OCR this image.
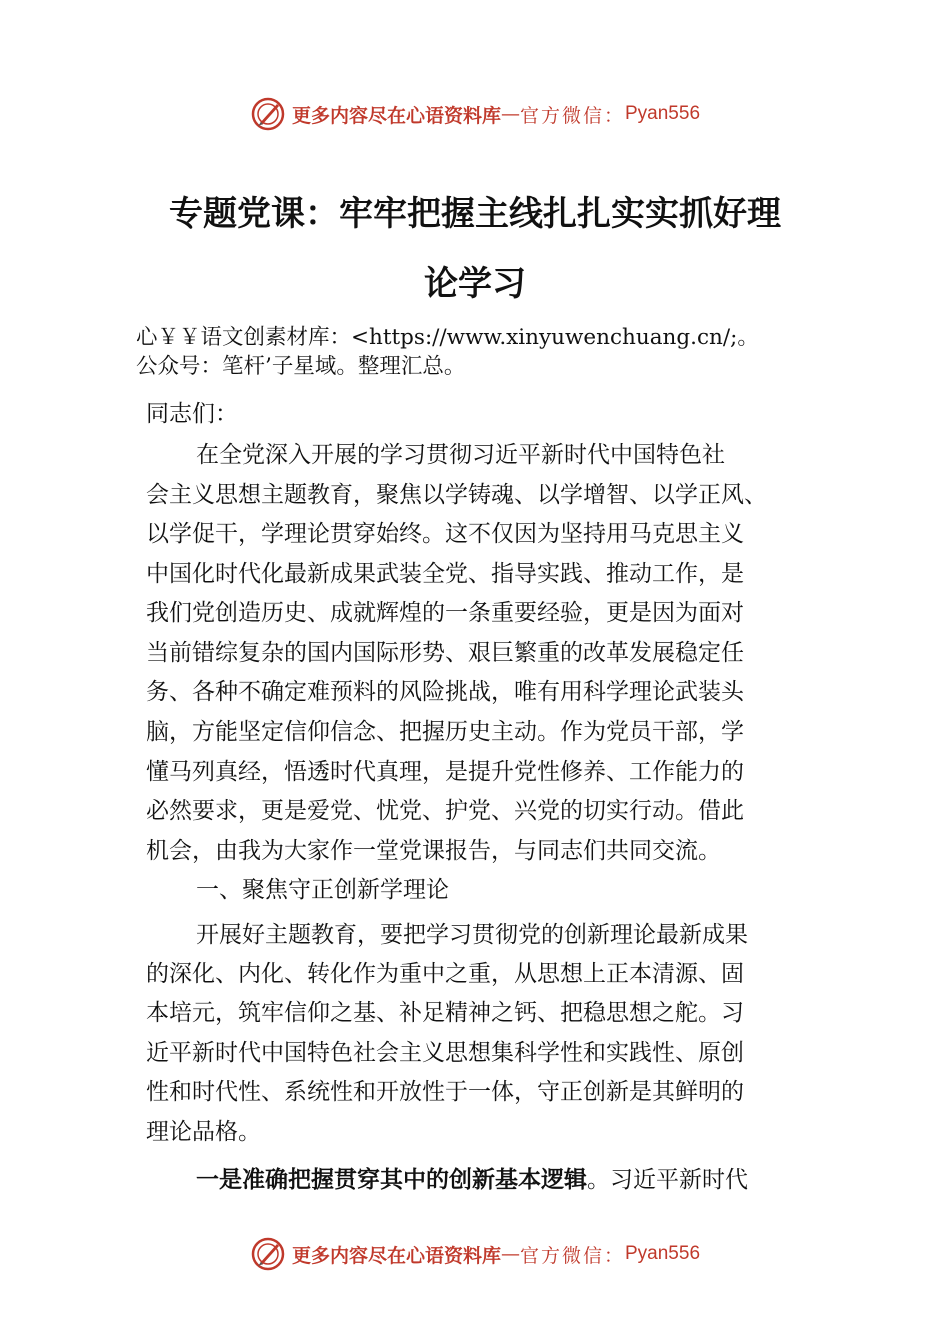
更多内容尽在心语资料库 — 官方微信： Pyan556
专题党课：牢牢把握主线扎扎实实抓好理
论学习
心￥￥语文创素材库：<https://www.xinyuwenchuang.cn/;。
公众号：笔杆’子星域。整理汇总。
同志们：
在全党深入开展的学习贯彻习近平新时代中国特色社
会主义思想主题教育，聚焦以学铸魂、以学增智、以学正风、
以学促干，学理论贯穿始终。这不仅因为坚持用马克思主义
中国化时代化最新成果武装全党、指导实践、推动工作，是
我们党创造历史、成就辉煌的一条重要经验，更是因为面对
当前错综复杂的国内国际形势、艰巨繁重的改革发展稳定任
务、各种不确定难预料的风险挑战，唯有用科学理论武装头
脑，方能坚定信仰信念、把握历史主动。作为党员干部，学
懂马列真经，悟透时代真理，是提升党性修养、工作能力的
必然要求，更是爱党、忧党、护党、兴党的切实行动。借此
机会，由我为大家作一堂党课报告，与同志们共同交流。
一、聚焦守正创新学理论
开展好主题教育，要把学习贯彻党的创新理论最新成果
的深化、内化、转化作为重中之重，从思想上正本清源、固
本培元，筑牢信仰之基、补足精神之钙、把稳思想之舵。习
近平新时代中国特色社会主义思想集科学性和实践性、原创
性和时代性、系统性和开放性于一体，守正创新是其鲜明的
理论品格。
一是准确把握贯穿其中的创新基本逻辑。习近平新时代
更多内容尽在心语资料库 — 官方微信： Pyan556
